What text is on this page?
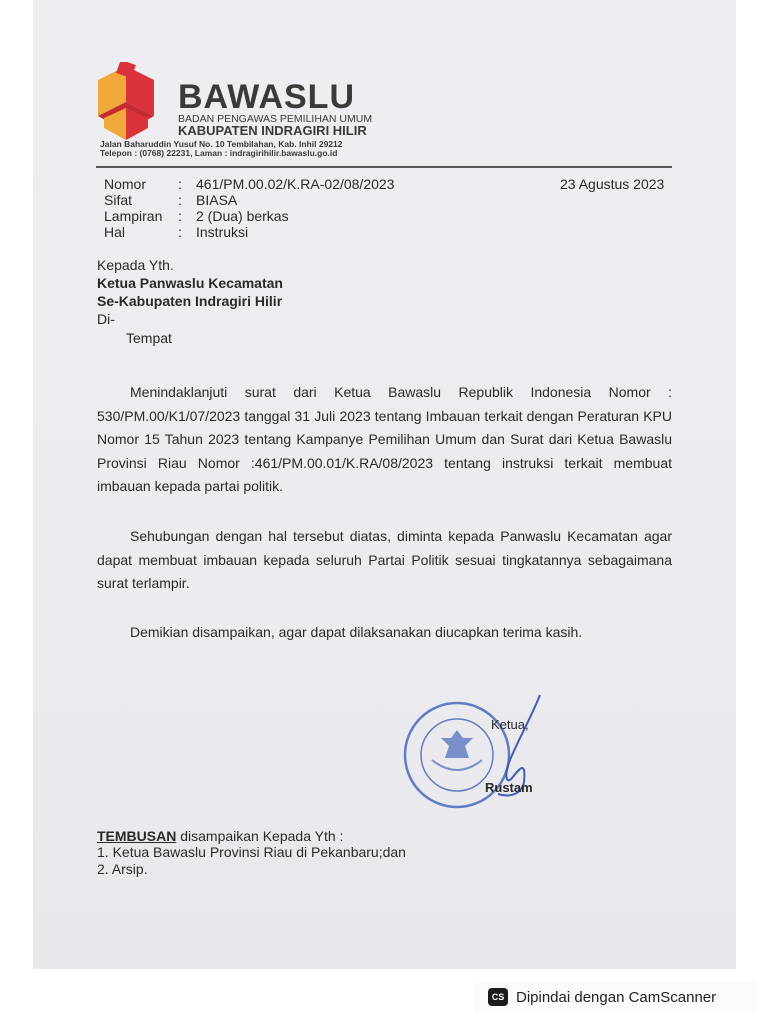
BAWASLU
BADAN PENGAWAS PEMILIHAN UMUM
KABUPATEN INDRAGIRI HILIR
Jalan Baharuddin Yusuf No. 10 Tembilahan, Kab. Inhil 29212
Telepon : (0768) 22231, Laman : indragirihilir.bawaslu.go.id
Nomor	: 461/PM.00.02/K.RA-02/08/2023
Sifat	: BIASA
Lampiran	: 2 (Dua) berkas
Hal	: Instruksi
23 Agustus 2023
Kepada Yth.
Ketua Panwaslu Kecamatan
Se-Kabupaten Indragiri Hilir
Di-
Tempat
Menindaklanjuti surat dari Ketua Bawaslu Republik Indonesia Nomor : 530/PM.00/K1/07/2023 tanggal 31 Juli 2023 tentang Imbauan terkait dengan Peraturan KPU Nomor 15 Tahun 2023 tentang Kampanye Pemilihan Umum dan Surat dari Ketua Bawaslu Provinsi Riau Nomor :461/PM.00.01/K.RA/08/2023 tentang instruksi terkait membuat imbauan kepada partai politik.
Sehubungan dengan hal tersebut diatas, diminta kepada Panwaslu Kecamatan agar dapat membuat imbauan kepada seluruh Partai Politik sesuai tingkatannya sebagaimana surat terlampir.
Demikian disampaikan, agar dapat dilaksanakan diucapkan terima kasih.
Ketua,
Rustam
TEMBUSAN disampaikan Kepada Yth :
1. Ketua Bawaslu Provinsi Riau di Pekanbaru;dan
2. Arsip.
CS Dipindai dengan CamScanner
